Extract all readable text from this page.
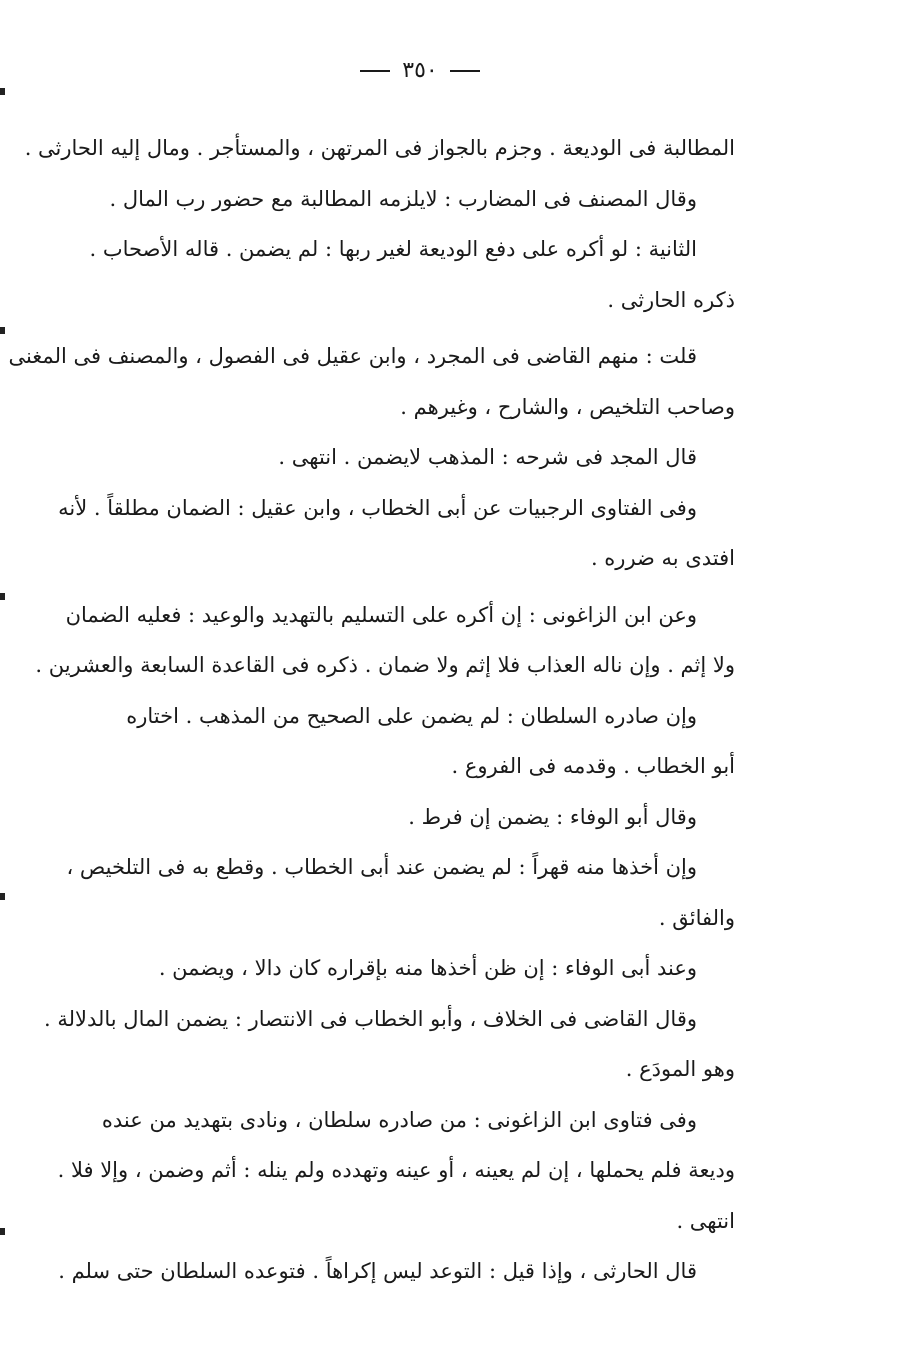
٣٥٠
المطالبة فى الوديعة . وجزم بالجواز فى المرتهن ، والمستأجر . ومال إليه الحارثى .
وقال المصنف فى المضارب : لايلزمه المطالبة مع حضور رب المال .
الثانية : لو أكره على دفع الوديعة لغير ربها : لم يضمن . قاله الأصحاب .
ذكره الحارثى .
قلت : منهم القاضى فى المجرد ، وابن عقيل فى الفصول ، والمصنف فى المغنى
وصاحب التلخيص ، والشارح ، وغيرهم .
قال المجد فى شرحه : المذهب لايضمن . انتهى .
وفى الفتاوى الرجبيات عن أبى الخطاب ، وابن عقيل : الضمان مطلقاً . لأنه
افتدى به ضرره .
وعن ابن الزاغونى : إن أكره على التسليم بالتهديد والوعيد : فعليه الضمان
ولا إثم . وإن ناله العذاب فلا إثم ولا ضمان . ذكره فى القاعدة السابعة والعشرين .
وإن صادره السلطان : لم يضمن على الصحيح من المذهب . اختاره
أبو الخطاب . وقدمه فى الفروع .
وقال أبو الوفاء : يضمن إن فرط .
وإن أخذها منه قهراً : لم يضمن عند أبى الخطاب . وقطع به فى التلخيص ،
والفائق .
وعند أبى الوفاء : إن ظن أخذها منه بإقراره كان دالا ، ويضمن .
وقال القاضى فى الخلاف ، وأبو الخطاب فى الانتصار : يضمن المال بالدلالة .
وهو المودَع .
وفى فتاوى ابن الزاغونى : من صادره سلطان ، ونادى بتهديد من عنده
وديعة فلم يحملها ، إن لم يعينه ، أو عينه وتهدده ولم ينله : أثم وضمن ، وإلا فلا .
انتهى .
قال الحارثى ، وإذا قيل : التوعد ليس إكراهاً . فتوعده السلطان حتى سلم .
